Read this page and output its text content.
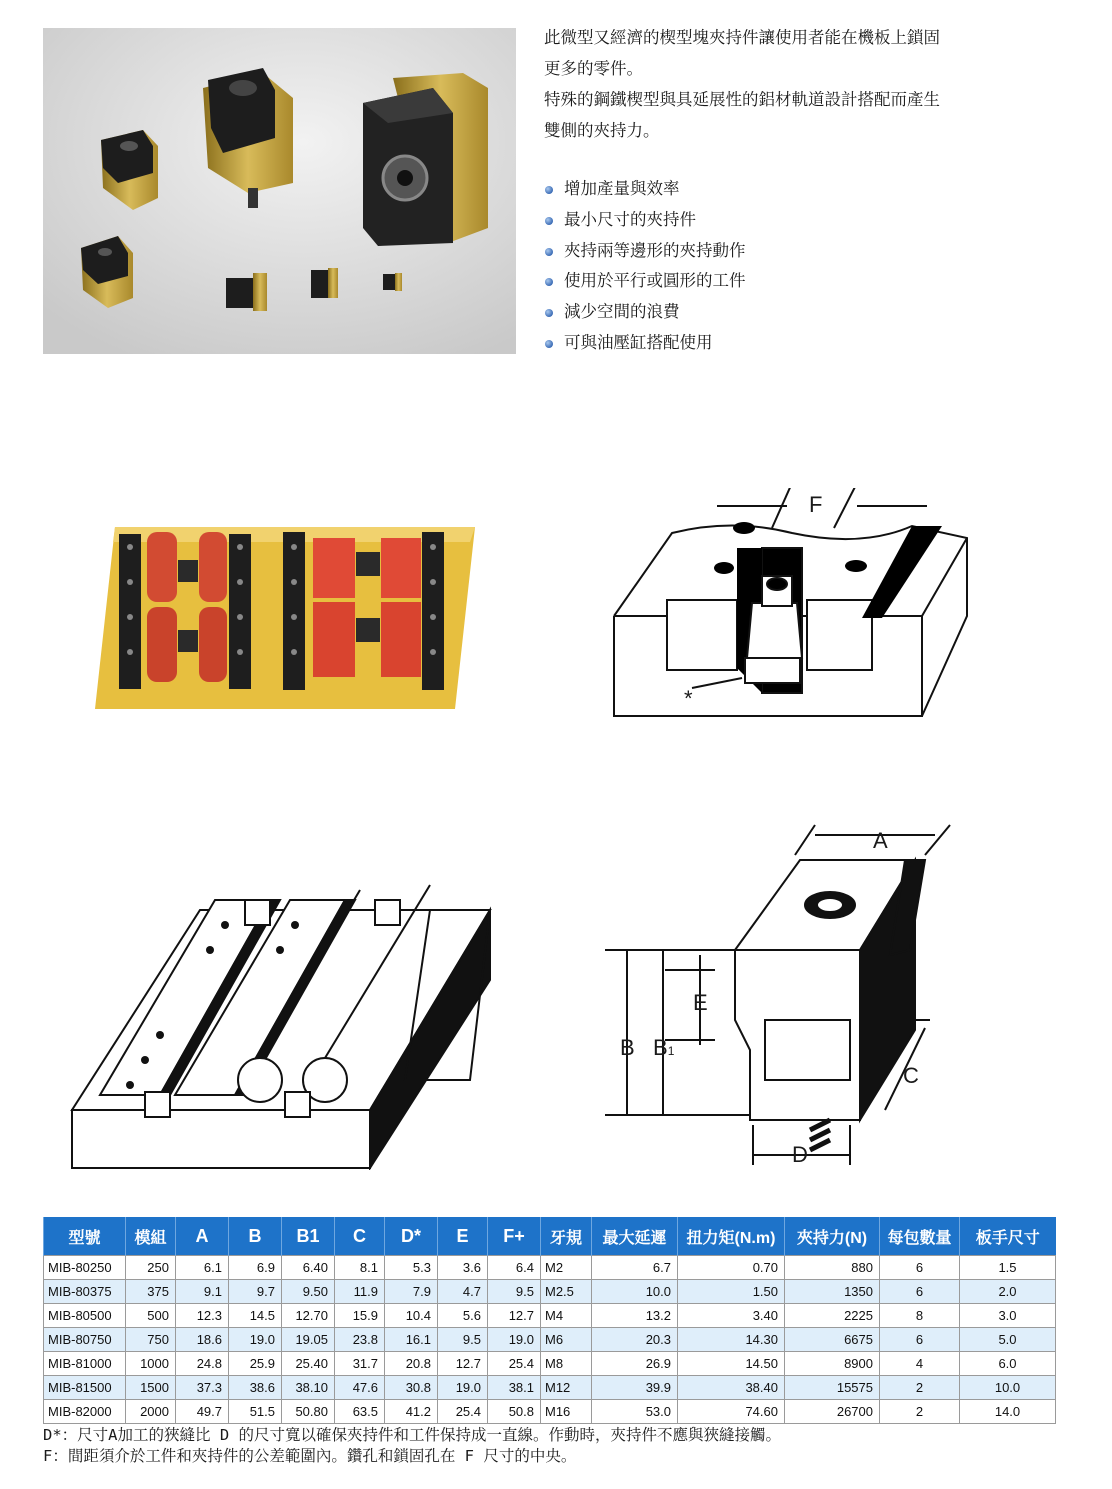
此微型又經濟的楔型塊夾持件讓使用者能在機板上鎖固

更多的零件。

特殊的鋼鐵楔型與具延展性的鋁材軌道設計搭配而產生

雙側的夾持力。

增加產量與效率
最小尺寸的夾持件
夾持兩等邊形的夾持動作
使用於平行或圓形的工件
減少空間的浪費
可與油壓缸搭配使用
F
*
A
E
B B1
C
D
型號	模組	A	B	B1	C	D*	E	F+	牙規	最大延遲	扭力矩(N.m)	夾持力(N)	每包數量	板手尺寸
MIB-80250	250	6.1	6.9	6.40	8.1	5.3	3.6	6.4	M2	6.7	0.70	880	6	1.5
MIB-80375	375	9.1	9.7	9.50	11.9	7.9	4.7	9.5	M2.5	10.0	1.50	1350	6	2.0
MIB-80500	500	12.3	14.5	12.70	15.9	10.4	5.6	12.7	M4	13.2	3.40	2225	8	3.0
MIB-80750	750	18.6	19.0	19.05	23.8	16.1	9.5	19.0	M6	20.3	14.30	6675	6	5.0
MIB-81000	1000	24.8	25.9	25.40	31.7	20.8	12.7	25.4	M8	26.9	14.50	8900	4	6.0
MIB-81500	1500	37.3	38.6	38.10	47.6	30.8	19.0	38.1	M12	39.9	38.40	15575	2	10.0
MIB-82000	2000	49.7	51.5	50.80	63.5	41.2	25.4	50.8	M16	53.0	74.60	26700	2	14.0

D*：尺寸A加工的狹縫比 D 的尺寸寬以確保夾持件和工件保持成一直線。作動時，夾持件不應與狹縫接觸。

F：間距須介於工件和夾持件的公差範圍內。鑽孔和鎖固孔在 F 尺寸的中央。
